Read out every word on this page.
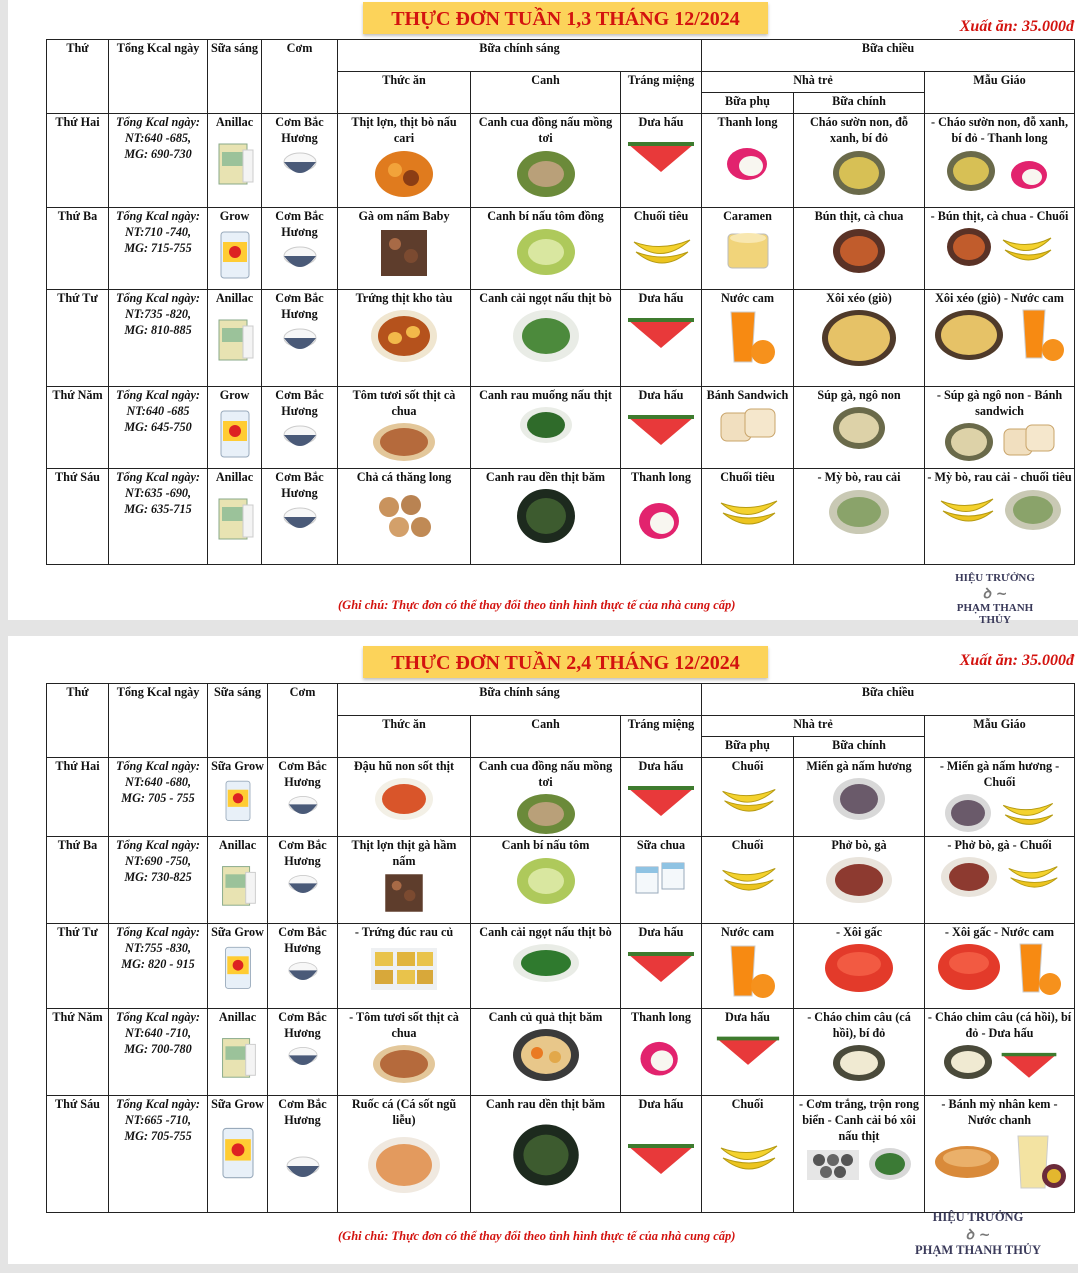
THỰC ĐƠN TUẦN 1,3 THÁNG 12/2024	Xuất ăn: 35.000đ
Thứ	Tổng Kcal ngày	Sữa sáng	Cơm	Bữa chính sáng			Bữa chiều		
				Thức ăn	Canh	Tráng miệng	Nhà trẻ		Mẫu Giáo
							Bữa phụ	Bữa chính	
Thứ Hai	Tổng Kcal ngày:
NT:640 -685,
MG: 690-730	Anillac	Cơm Bắc Hương	Thịt lợn, thịt bò nấu cari	Canh cua đồng nấu mồng tơi	Dưa hấu	Thanh long	Cháo sườn non, đỗ xanh, bí đỏ	- Cháo sườn non, đỗ xanh, bí đỏ - Thanh long

Thứ Ba	Tổng Kcal ngày:
NT:710 -740,
MG: 715-755	Grow	Cơm Bắc Hương	Gà om nấm Baby	Canh bí nấu tôm đồng	Chuối tiêu	Caramen	Bún thịt, cà chua	- Bún thịt, cà chua - Chuối

Thứ Tư	Tổng Kcal ngày:
NT:735 -820,
MG: 810-885	Anillac	Cơm Bắc Hương	Trứng thịt kho tàu	Canh cải ngọt nấu thịt bò	Dưa hấu	Nước cam	Xôi xéo (giò)	Xôi xéo (giò) - Nước cam

Thứ Năm	Tổng Kcal ngày:
NT:640 -685
MG: 645-750	Grow	Cơm Bắc Hương	Tôm tươi sốt thịt cà chua	Canh rau muống nấu thịt	Dưa hấu	Bánh Sandwich	Súp gà, ngô non	- Súp gà ngô non - Bánh sandwich

Thứ Sáu	Tổng Kcal ngày:
NT:635 -690,
MG: 635-715	Anillac	Cơm Bắc Hương	Chả cá thăng long	Canh rau dền thịt băm	Thanh long	Chuối tiêu	- Mỳ bò, rau cải	- Mỳ bò, rau cải - chuối tiêu
(Ghi chú: Thực đơn có thể thay đổi theo tình hình thực tế của nhà cung cấp)
HIỆU TRƯỞNG
ꝺ ~
PHẠM THANH THỦY
THỰC ĐƠN TUẦN 2,4 THÁNG 12/2024	Xuất ăn: 35.000đ
Thứ	Tổng Kcal ngày	Sữa sáng	Cơm	Bữa chính sáng			Bữa chiều		
				Thức ăn	Canh	Tráng miệng	Nhà trẻ		Mẫu Giáo
							Bữa phụ	Bữa chính	
Thứ Hai	Tổng Kcal ngày:
NT:640 -680,
MG: 705 - 755	Sữa Grow	Cơm Bắc Hương	Đậu hũ non sốt thịt	Canh cua đồng nấu mồng tơi	Dưa hấu	Chuối	Miến gà nấm hương	- Miến gà nấm hương - Chuối

Thứ Ba	Tổng Kcal ngày:
NT:690 -750,
MG: 730-825	Anillac	Cơm Bắc Hương	Thịt lợn thịt gà hầm nấm	Canh bí nấu tôm	Sữa chua	Chuối	Phở bò, gà	- Phở bò, gà - Chuối

Thứ Tư	Tổng Kcal ngày:
NT:755 -830,
MG: 820 - 915	Sữa Grow	Cơm Bắc Hương	- Trứng đúc rau củ	Canh cải ngọt nấu thịt bò	Dưa hấu	Nước cam	- Xôi gấc	- Xôi gấc - Nước cam

Thứ Năm	Tổng Kcal ngày:
NT:640 -710,
MG: 700-780	Anillac	Cơm Bắc Hương	- Tôm tươi sốt thịt cà chua	Canh củ quả thịt băm	Thanh long	Dưa hấu	- Cháo chim câu (cá hồi), bí đỏ	- Cháo chim câu (cá hồi), bí đỏ - Dưa hấu

Thứ Sáu	Tổng Kcal ngày:
NT:665 -710,
MG: 705-755	Sữa Grow	Cơm Bắc Hương	Ruốc cá (Cá sốt ngũ liễu)	Canh rau dền thịt băm	Dưa hấu	Chuối	- Cơm trắng, trộn rong biển - Canh cải bó xôi nấu thịt	- Bánh mỳ nhân kem - Nước chanh
(Ghi chú: Thực đơn có thể thay đổi theo tình hình thực tế của nhà cung cấp)
HIỆU TRƯỞNG
ꝺ ~
PHẠM THANH THỦY
